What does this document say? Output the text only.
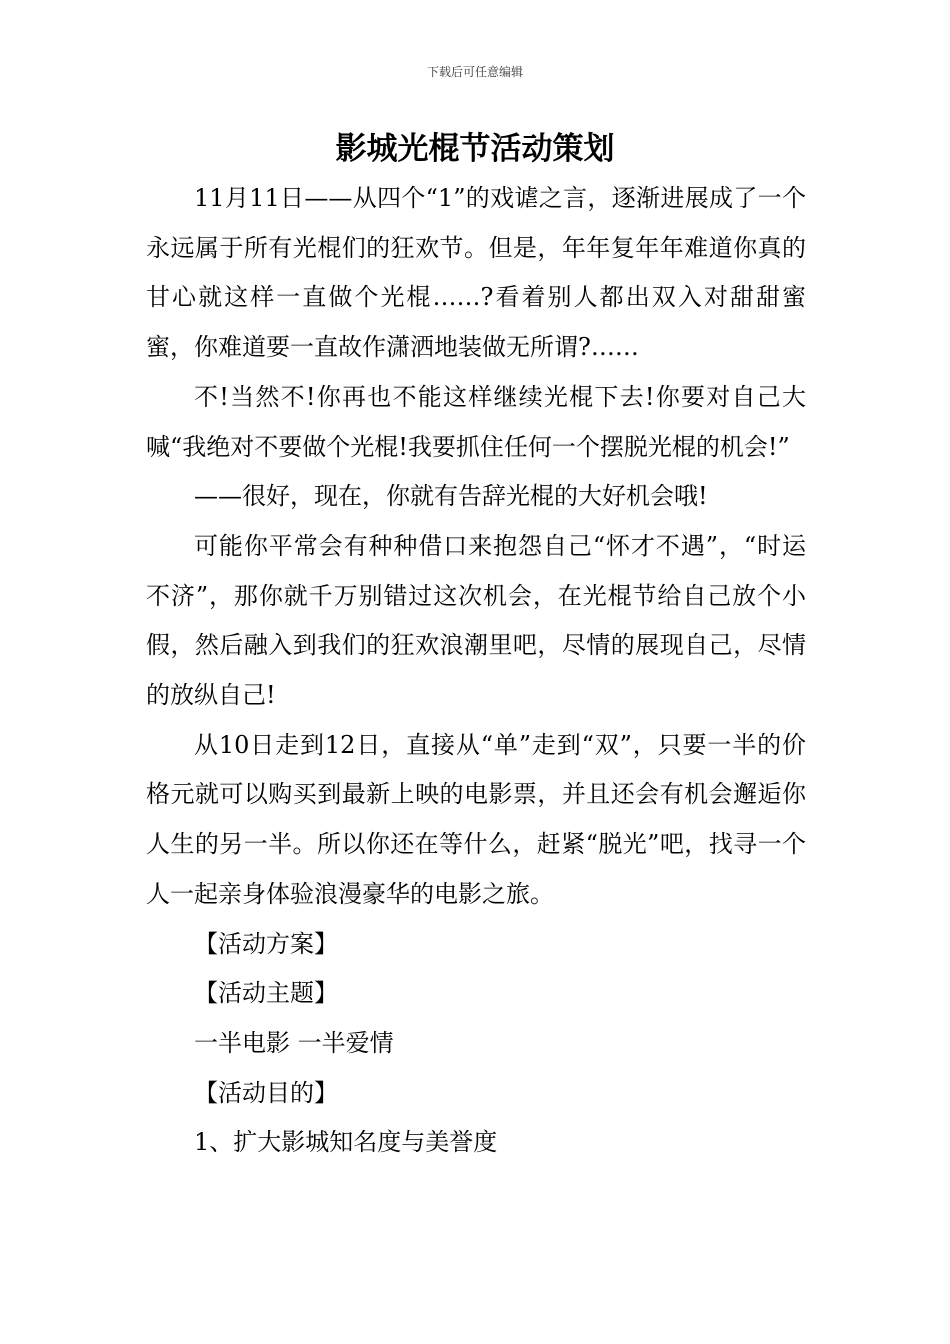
下载后可任意编辑
影城光棍节活动策划

11月11日——从四个“1”的戏谑之言，逐渐进展成了一个永远属于所有光棍们的狂欢节。但是，年年复年年难道你真的甘心就这样一直做个光棍……?看着别人都出双入对甜甜蜜蜜，你难道要一直故作潇洒地装做无所谓?……

不!当然不!你再也不能这样继续光棍下去!你要对自己大喊“我绝对不要做个光棍!我要抓住任何一个摆脱光棍的机会!”

——很好，现在，你就有告辞光棍的大好机会哦!

可能你平常会有种种借口来抱怨自己“怀才不遇”，“时运不济”，那你就千万别错过这次机会，在光棍节给自己放个小假，然后融入到我们的狂欢浪潮里吧，尽情的展现自己，尽情的放纵自己!

从10日走到12日，直接从“单”走到“双”，只要一半的价格元就可以购买到最新上映的电影票，并且还会有机会邂逅你人生的另一半。所以你还在等什么，赶紧“脱光”吧，找寻一个人一起亲身体验浪漫豪华的电影之旅。

【活动方案】

【活动主题】

一半电影 一半爱情

【活动目的】

1、扩大影城知名度与美誉度
